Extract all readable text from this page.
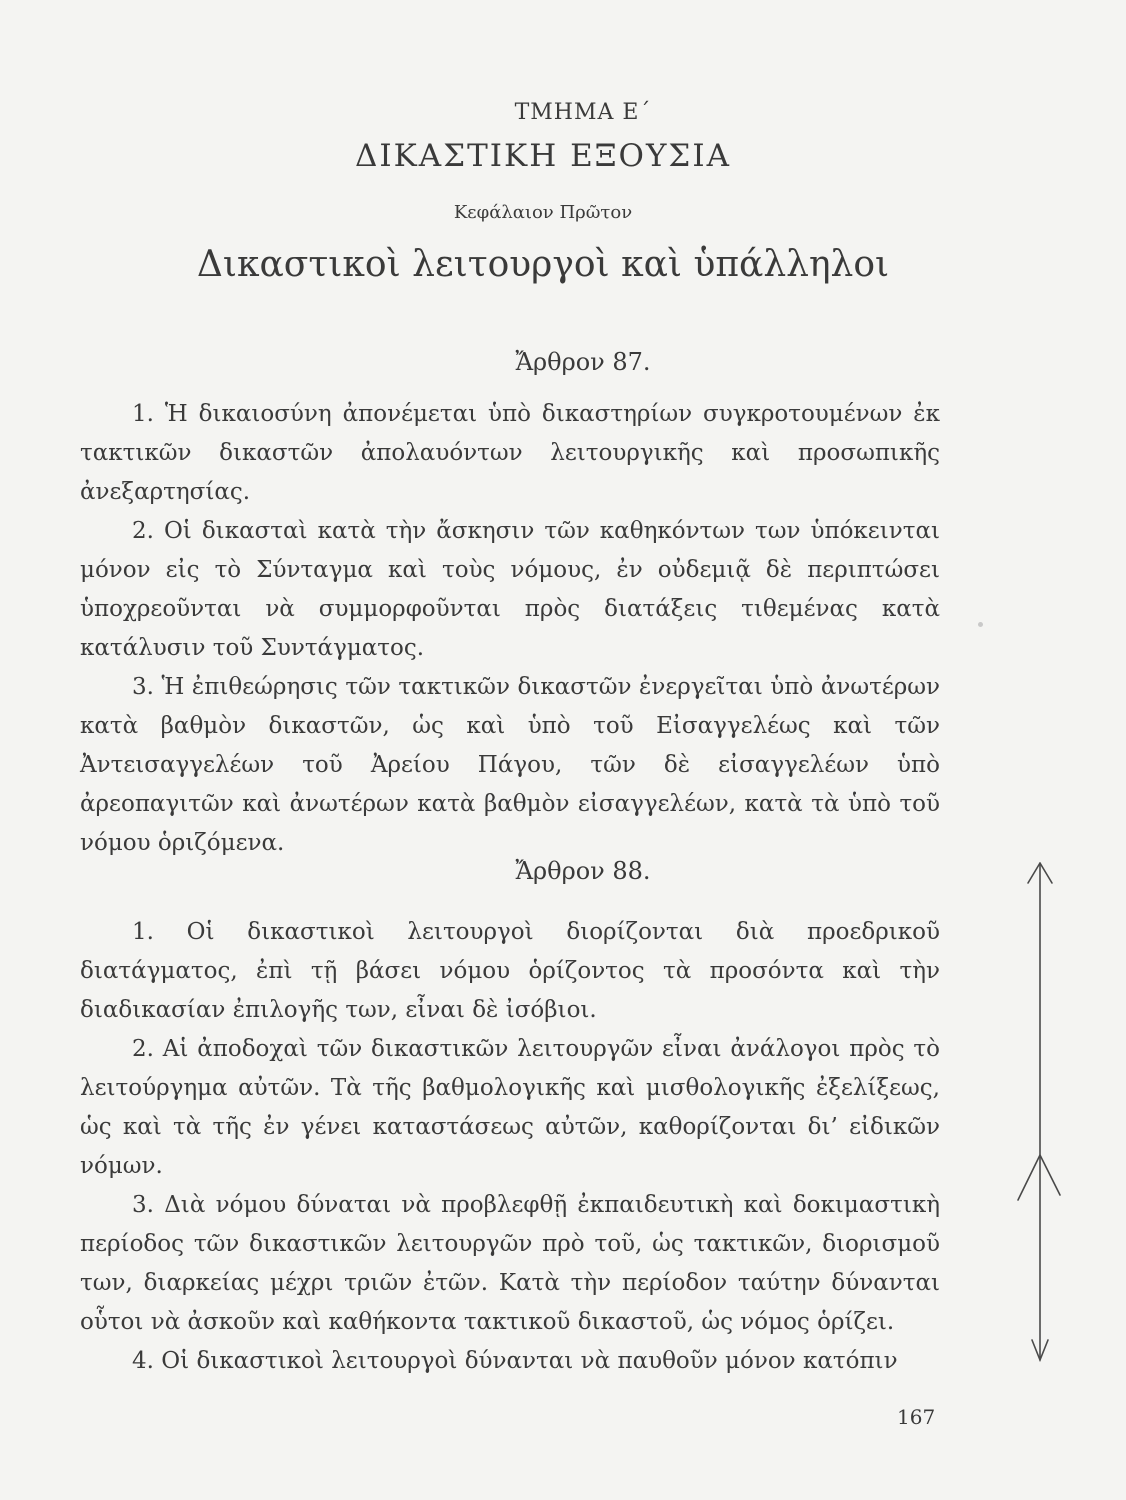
ΤΜΗΜΑ Ε΄
ΔΙΚΑΣΤΙΚΗ ΕΞΟΥΣΙΑ
Κεφάλαιον Πρῶτον
Δικαστικοὶ λειτουργοὶ καὶ ὑπάλληλοι
Ἄρθρον 87.

1. Ἡ δικαιοσύνη ἀπονέμεται ὑπὸ δικαστηρίων συγκροτουμένων ἐκ τακτικῶν δικαστῶν ἀπολαυόντων λειτουργικῆς καὶ προσωπικῆς ἀνεξαρτησίας.

2. Οἱ δικασταὶ κατὰ τὴν ἄσκησιν τῶν καθηκόντων των ὑπόκεινται μόνον εἰς τὸ Σύνταγμα καὶ τοὺς νόμους, ἐν οὐδεμιᾷ δὲ περιπτώσει ὑποχρεοῦνται νὰ συμμορφοῦνται πρὸς διατάξεις τιθεμένας κατὰ κατάλυσιν τοῦ Συντάγματος.

3. Ἡ ἐπιθεώρησις τῶν τακτικῶν δικαστῶν ἐνεργεῖται ὑπὸ ἀνωτέρων κατὰ βαθμὸν δικαστῶν, ὡς καὶ ὑπὸ τοῦ Εἰσαγγελέως καὶ τῶν Ἀντεισαγγελέων τοῦ Ἀρείου Πάγου, τῶν δὲ εἰσαγγελέων ὑπὸ ἀρεοπαγιτῶν καὶ ἀνωτέρων κατὰ βαθμὸν εἰσαγγελέων, κατὰ τὰ ὑπὸ τοῦ νόμου ὁριζόμενα.

Ἄρθρον 88.

1. Οἱ δικαστικοὶ λειτουργοὶ διορίζονται διὰ προεδρικοῦ διατάγματος, ἐπὶ τῇ βάσει νόμου ὁρίζοντος τὰ προσόντα καὶ τὴν διαδικασίαν ἐπιλογῆς των, εἶναι δὲ ἰσόβιοι.

2. Αἱ ἀποδοχαὶ τῶν δικαστικῶν λειτουργῶν εἶναι ἀνάλογοι πρὸς τὸ λειτούργημα αὐτῶν. Τὰ τῆς βαθμολογικῆς καὶ μισθολογικῆς ἐξελίξεως, ὡς καὶ τὰ τῆς ἐν γένει καταστάσεως αὐτῶν, καθορίζονται δι’ εἰδικῶν νόμων.

3. Διὰ νόμου δύναται νὰ προβλεφθῇ ἐκπαιδευτικὴ καὶ δοκιμαστικὴ περίοδος τῶν δικαστικῶν λειτουργῶν πρὸ τοῦ, ὡς τακτικῶν, διορισμοῦ των, διαρκείας μέχρι τριῶν ἐτῶν. Κατὰ τὴν περίοδον ταύτην δύνανται οὗτοι νὰ ἀσκοῦν καὶ καθήκοντα τακτικοῦ δικαστοῦ, ὡς νόμος ὁρίζει.

4. Οἱ δικαστικοὶ λειτουργοὶ δύνανται νὰ παυθοῦν μόνον κατόπιν

167
